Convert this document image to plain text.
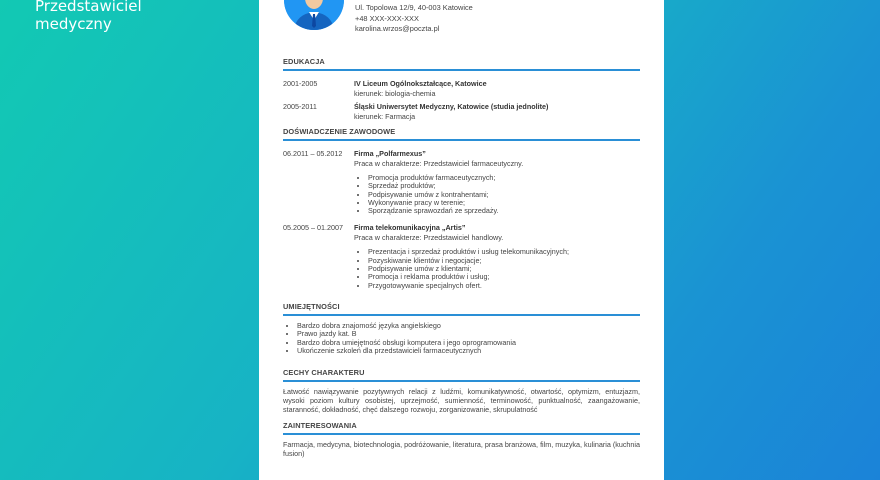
Przedstawiciel
medyczny
Ul. Topolowa 12/9, 40-003 Katowice
+48 XXX-XXX-XXX
karolina.wrzos@poczta.pl
EDUKACJA
2001-2005	IV Liceum Ogólnokształcące, Katowice
kierunek: biologia-chemia
2005-2011	Śląski Uniwersytet Medyczny, Katowice (studia jednolite)
kierunek: Farmacja
DOŚWIADCZENIE ZAWODOWE
06.2011 – 05.2012	Firma „Polfarmexus”
Praca w charakterze: Przedstawiciel farmaceutyczny.
• Promocja produktów farmaceutycznych;
• Sprzedaż produktów;
• Podpisywanie umów z kontrahentami;
• Wykonywanie pracy w terenie;
• Sporządzanie sprawozdań ze sprzedaży.
05.2005 – 01.2007	Firma telekomunikacyjna „Artis”
Praca w charakterze: Przedstawiciel handlowy.
• Prezentacja i sprzedaż produktów i usług telekomunikacyjnych;
• Pozyskiwanie klientów i negocjacje;
• Podpisywanie umów z klientami;
• Promocja i reklama produktów i usług;
• Przygotowywanie specjalnych ofert.
UMIEJĘTNOŚCI
• Bardzo dobra znajomość języka angielskiego
• Prawo jazdy kat. B
• Bardzo dobra umiejętność obsługi komputera i jego oprogramowania
• Ukończenie szkoleń dla przedstawicieli farmaceutycznych
CECHY CHARAKTERU
Łatwość nawiązywanie pozytywnych relacji z ludźmi, komunikatywność, otwartość, optymizm, entuzjazm, wysoki poziom kultury osobistej, uprzejmość, sumienność, terminowość, punktualność, zaangażowanie, staranność, dokładność, chęć dalszego rozwoju, zorganizowanie, skrupulatność
ZAINTERESOWANIA
Farmacja, medycyna, biotechnologia, podróżowanie, literatura, prasa branżowa, film, muzyka, kulinaria (kuchnia fusion)
